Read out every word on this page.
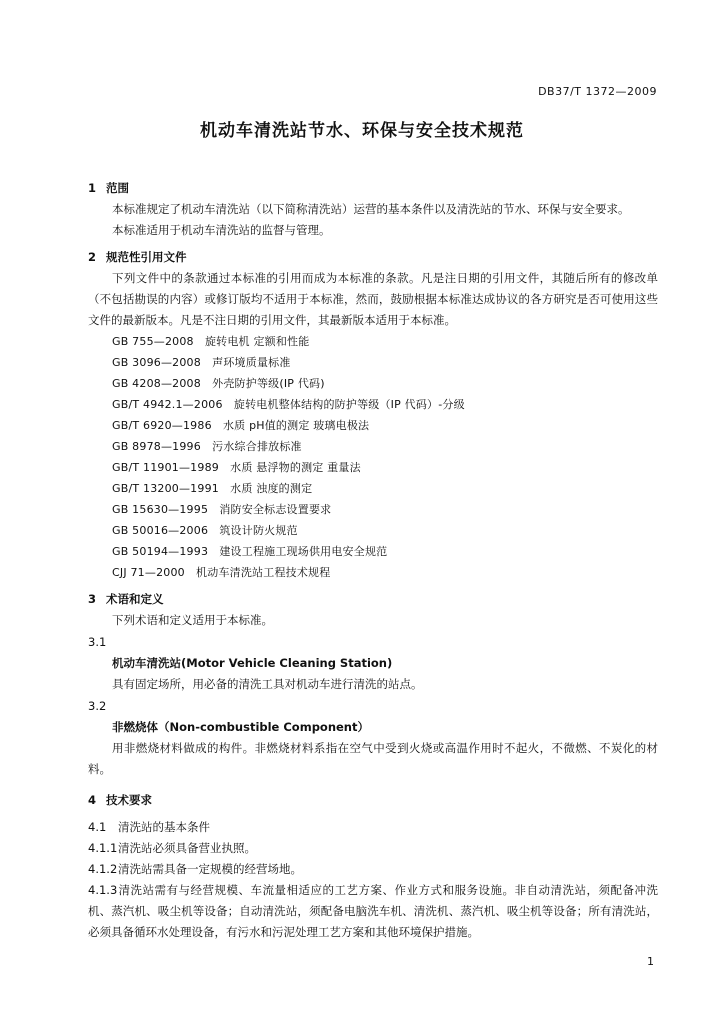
DB37/T 1372—2009
机动车清洗站节水、环保与安全技术规范
1 范围
本标准规定了机动车清洗站（以下简称清洗站）运营的基本条件以及清洗站的节水、环保与安全要求。
本标准适用于机动车清洗站的监督与管理。
2 规范性引用文件
下列文件中的条款通过本标准的引用而成为本标准的条款。凡是注日期的引用文件，其随后所有的修改单（不包括勘误的内容）或修订版均不适用于本标准，然而，鼓励根据本标准达成协议的各方研究是否可使用这些文件的最新版本。凡是不注日期的引用文件，其最新版本适用于本标准。
GB 755—2008　旋转电机 定额和性能
GB 3096—2008　声环境质量标准
GB 4208—2008　外壳防护等级(IP 代码)
GB/T 4942.1—2006　旋转电机整体结构的防护等级（IP 代码）-分级
GB/T 6920—1986　水质 pH值的测定 玻璃电极法
GB 8978—1996　污水综合排放标准
GB/T 11901—1989　水质 悬浮物的测定 重量法
GB/T 13200—1991　水质 浊度的测定
GB 15630—1995　消防安全标志设置要求
GB 50016—2006　筑设计防火规范
GB 50194—1993　建设工程施工现场供用电安全规范
CJJ 71—2000　机动车清洗站工程技术规程
3 术语和定义
下列术语和定义适用于本标准。
3.1
机动车清洗站(Motor Vehicle Cleaning Station)
具有固定场所，用必备的清洗工具对机动车进行清洗的站点。
3.2
非燃烧体（Non-combustible Component）
用非燃烧材料做成的构件。非燃烧材料系指在空气中受到火烧或高温作用时不起火，不微燃、不炭化的材料。
4 技术要求
4.1 清洗站的基本条件
4.1.1清洗站必须具备营业执照。
4.1.2清洗站需具备一定规模的经营场地。
4.1.3清洗站需有与经营规模、车流量相适应的工艺方案、作业方式和服务设施。非自动清洗站，须配备冲洗机、蒸汽机、吸尘机等设备；自动清洗站，须配备电脑洗车机、清洗机、蒸汽机、吸尘机等设备；所有清洗站，必须具备循环水处理设备，有污水和污泥处理工艺方案和其他环境保护措施。
1
